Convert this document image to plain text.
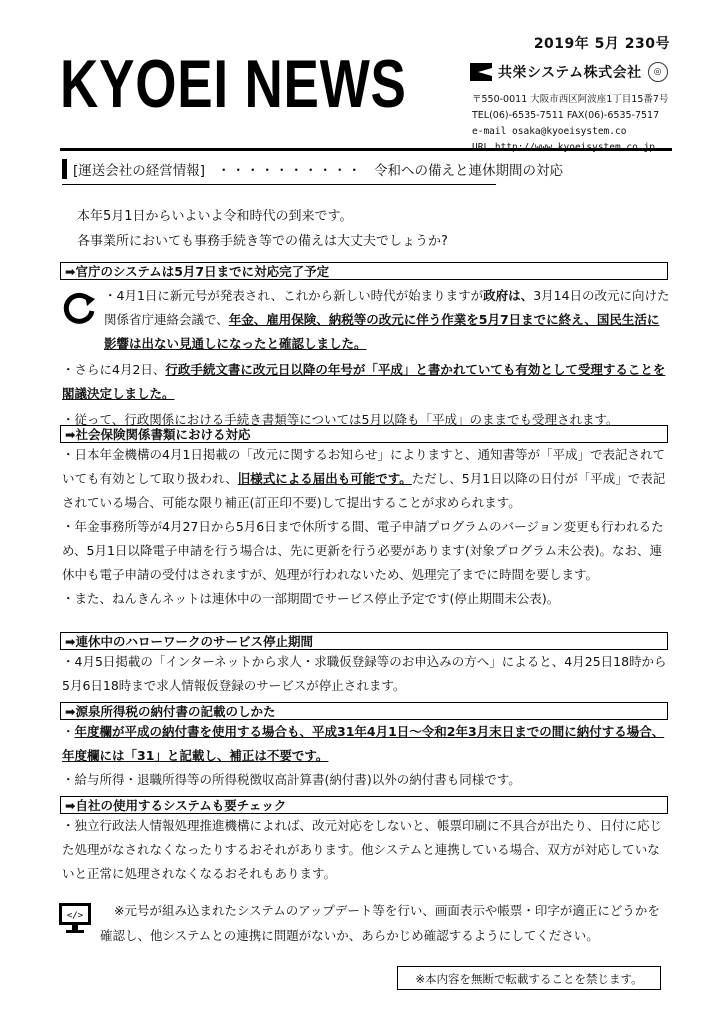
2019年 5月 230号
KYOEI NEWS	共栄システム株式会社	◎
〒550-0011 大阪市西区阿波座1丁目15番7号
TEL(06)-6535-7511 FAX(06)-6535-7517
e-mail osaka@kyoeisystem.co
URL http://www.kyoeisystem.co.jp
[運送会社の経営情報] ・・・・・・・・・・ 令和への備えと連休期間の対応
本年5月1日からいよいよ令和時代の到来です。
各事業所においても事務手続き等での備えは大丈夫でしょうか?
➡官庁のシステムは5月7日までに対応完了予定

・4月1日に新元号が発表され、これから新しい時代が始まりますが政府は、3月14日の改元に向けた関係省庁連絡会議で、年金、雇用保険、納税等の改元に伴う作業を5月7日までに終え、国民生活に影響は出ない見通しになったと確認しました。

・さらに4月2日、行政手続文書に改元日以降の年号が「平成」と書かれていても有効として受理することを閣議決定しました。

・従って、行政関係における手続き書類等については5月以降も「平成」のままでも受理されます。

➡社会保険関係書類における対応

・日本年金機構の4月1日掲載の「改元に関するお知らせ」によりますと、通知書等が「平成」で表記されていても有効として取り扱われ、旧様式による届出も可能です。ただし、5月1日以降の日付が「平成」で表記されている場合、可能な限り補正(訂正印不要)して提出することが求められます。

・年金事務所等が4月27日から5月6日まで休所する間、電子申請プログラムのバージョン変更も行われるため、5月1日以降電子申請を行う場合は、先に更新を行う必要があります(対象プログラム未公表)。なお、連休中も電子申請の受付はされますが、処理が行われないため、処理完了までに時間を要します。

・また、ねんきんネットは連休中の一部期間でサービス停止予定です(停止期間未公表)。

➡連休中のハローワークのサービス停止期間

・4月5日掲載の「インターネットから求人・求職仮登録等のお申込みの方へ」によると、4月25日18時から5月6日18時まで求人情報仮登録のサービスが停止されます。

➡源泉所得税の納付書の記載のしかた

・年度欄が平成の納付書を使用する場合も、平成31年4月1日～令和2年3月末日までの間に納付する場合、年度欄には「31」と記載し、補正は不要です。

・給与所得・退職所得等の所得税徴収高計算書(納付書)以外の納付書も同様です。

➡自社の使用するシステムも要チェック

・独立行政法人情報処理推進機構によれば、改元対応をしないと、帳票印刷に不具合が出たり、日付に応じた処理がなされなくなったりするおそれがあります。他システムと連携している場合、双方が対応していないと正常に処理されなくなるおそれもあります。

</>	※元号が組み込まれたシステムのアップデート等を行い、画面表示や帳票・印字が適正にどうかを確認し、他システムとの連携に問題がないか、あらかじめ確認するようにしてください。
※本内容を無断で転載することを禁じます。
